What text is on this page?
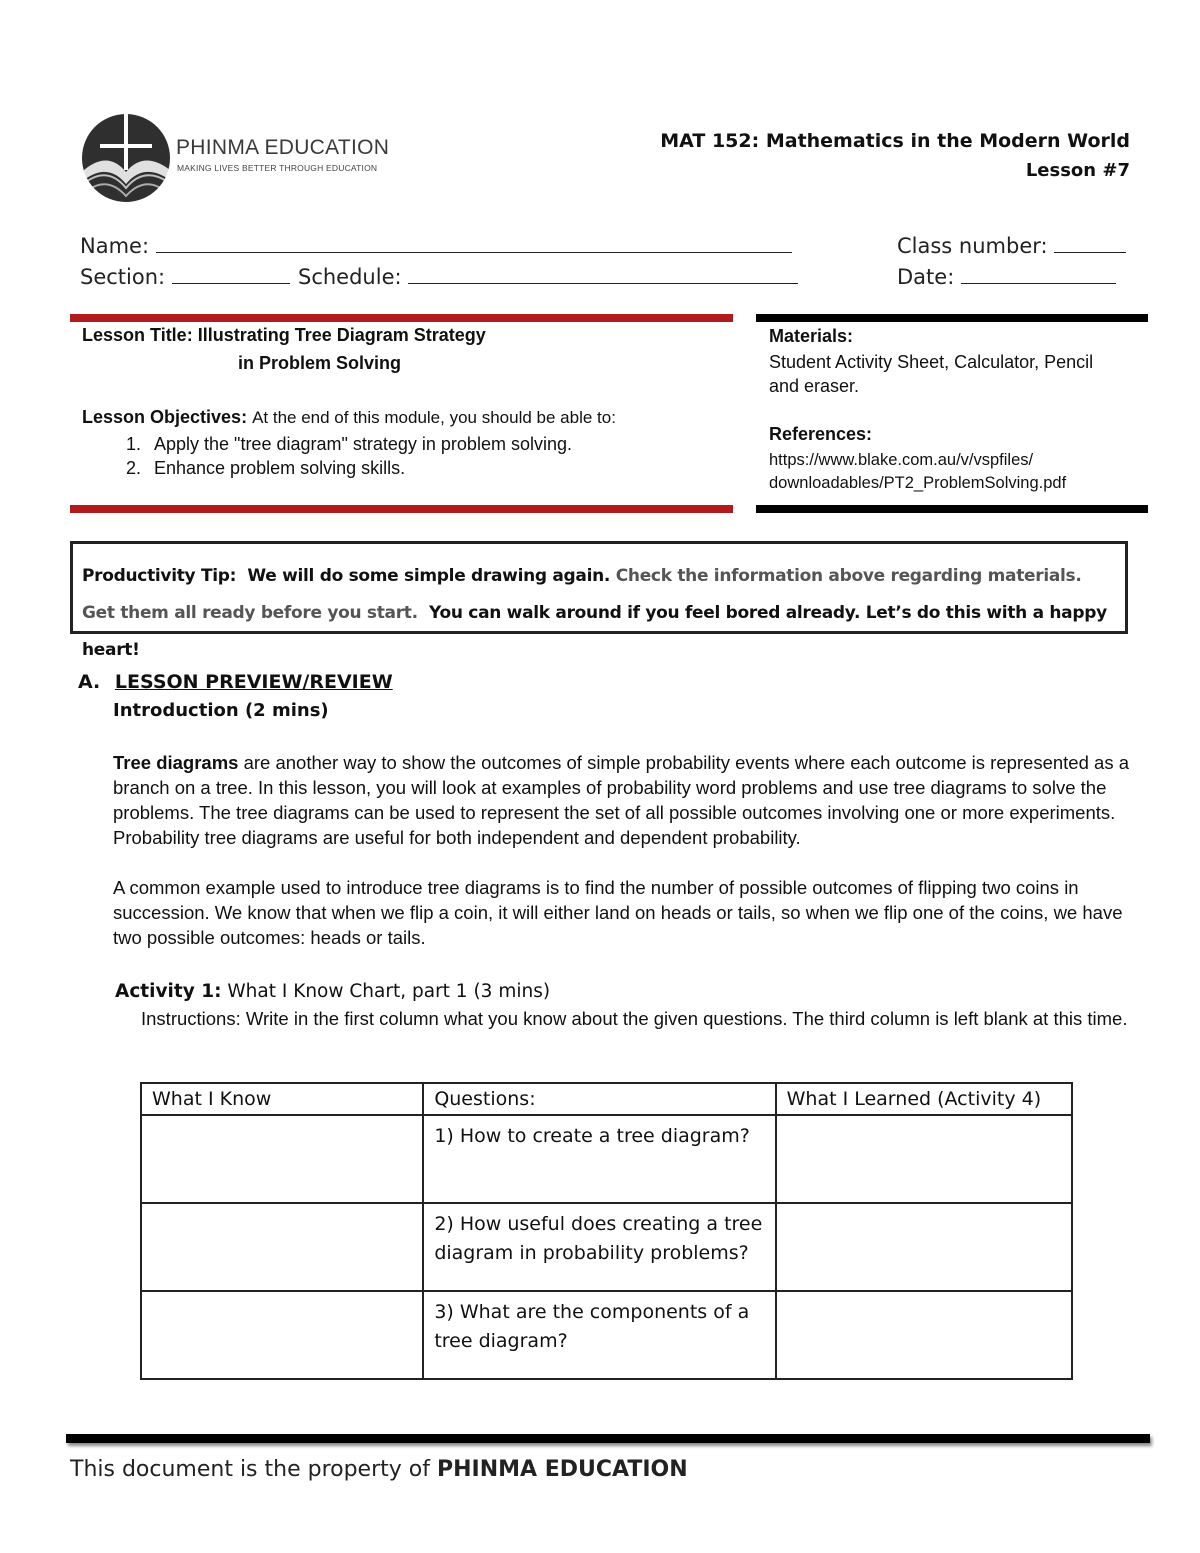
PHINMA EDUCATION
MAKING LIVES BETTER THROUGH EDUCATION
MAT 152: Mathematics in the Modern World
Lesson #7
Name:	Class number:
Section:	Schedule:	Date:
Lesson Title: Illustrating Tree Diagram Strategy
in Problem Solving
Lesson Objectives: At the end of this module, you should be able to:
1. Apply the "tree diagram" strategy in problem solving.
2. Enhance problem solving skills.
Materials:
Student Activity Sheet, Calculator, Pencil and eraser.
References:
https://www.blake.com.au/v/vspfiles/
downloadables/PT2_ProblemSolving.pdf
Productivity Tip: We will do some simple drawing again. Check the information above regarding materials. Get them all ready before you start. You can walk around if you feel bored already. Let’s do this with a happy heart!
A. LESSON PREVIEW/REVIEW
Introduction (2 mins)
Tree diagrams are another way to show the outcomes of simple probability events where each outcome is represented as a branch on a tree. In this lesson, you will look at examples of probability word problems and use tree diagrams to solve the problems. The tree diagrams can be used to represent the set of all possible outcomes involving one or more experiments. Probability tree diagrams are useful for both independent and dependent probability.
A common example used to introduce tree diagrams is to find the number of possible outcomes of flipping two coins in succession. We know that when we flip a coin, it will either land on heads or tails, so when we flip one of the coins, we have two possible outcomes: heads or tails.
Activity 1: What I Know Chart, part 1 (3 mins)
Instructions: Write in the first column what you know about the given questions. The third column is left blank at this time.
What I Know	Questions:	What I Learned (Activity 4)
	1) How to create a tree diagram?	
	2) How useful does creating a tree diagram in probability problems?	
	3) What are the components of a tree diagram?	
This document is the property of PHINMA EDUCATION
